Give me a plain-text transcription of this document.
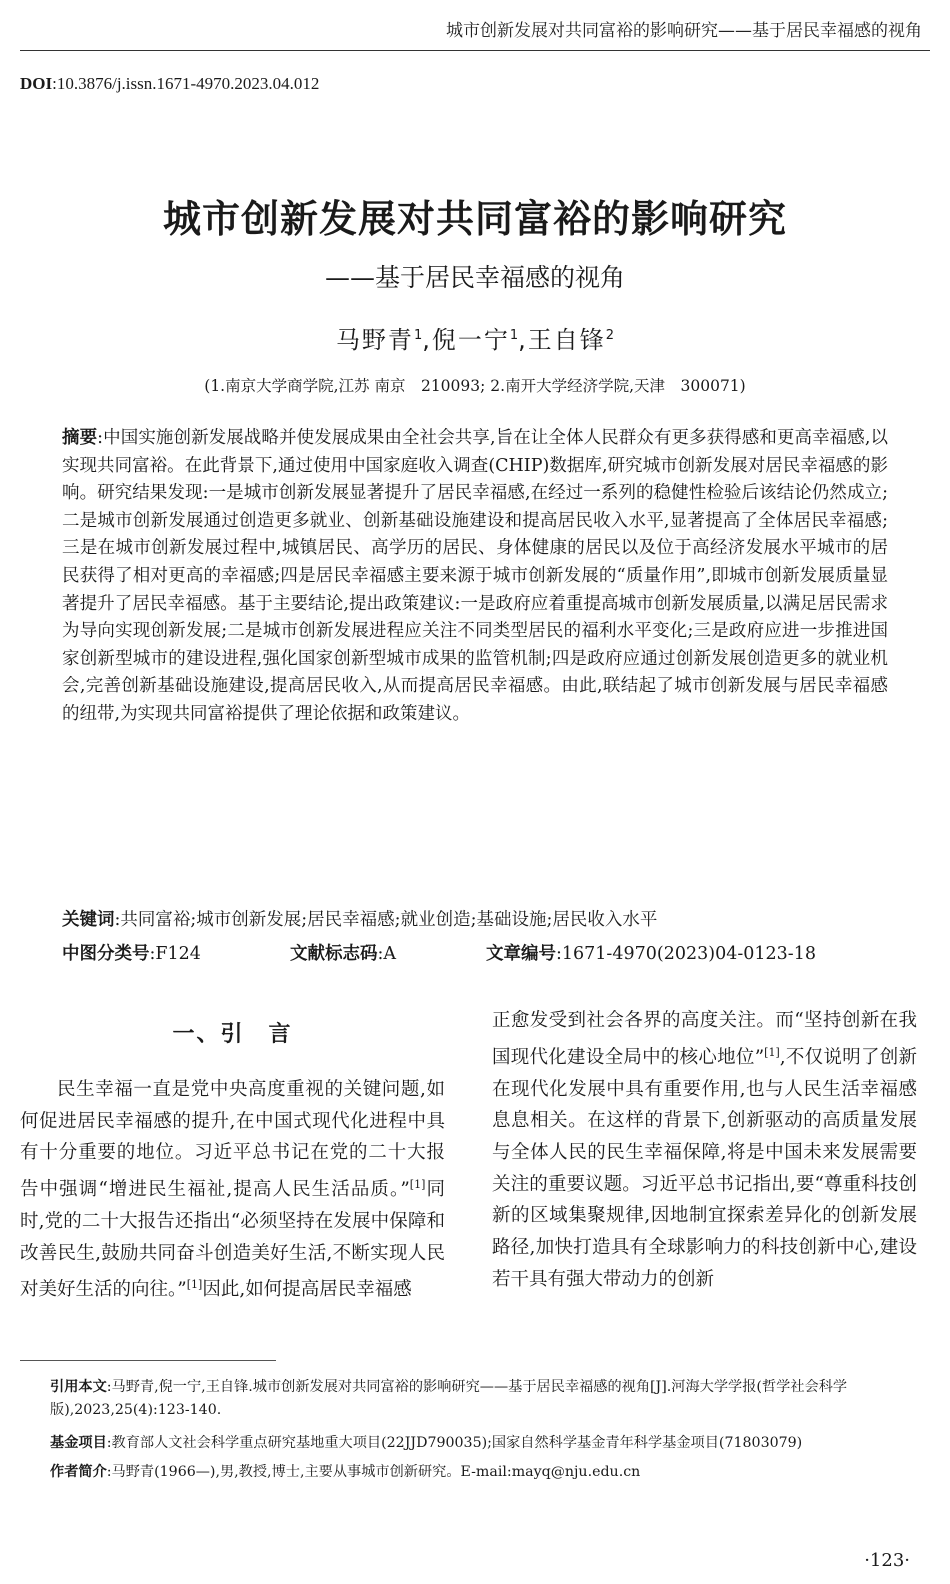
城市创新发展对共同富裕的影响研究——基于居民幸福感的视角
DOI:10.3876/j.issn.1671-4970.2023.04.012
城市创新发展对共同富裕的影响研究
——基于居民幸福感的视角
马野青$^1$,倪一宁$^1$,王自锋$^2$
(1.南京大学商学院,江苏 南京　210093; 2.南开大学经济学院,天津　300071)
摘要:中国实施创新发展战略并使发展成果由全社会共享,旨在让全体人民群众有更多获得感和更高幸福感,以实现共同富裕。在此背景下,通过使用中国家庭收入调查(CHIP)数据库,研究城市创新发展对居民幸福感的影响。研究结果发现:一是城市创新发展显著提升了居民幸福感,在经过一系列的稳健性检验后该结论仍然成立;二是城市创新发展通过创造更多就业、创新基础设施建设和提高居民收入水平,显著提高了全体居民幸福感;三是在城市创新发展过程中,城镇居民、高学历的居民、身体健康的居民以及位于高经济发展水平城市的居民获得了相对更高的幸福感;四是居民幸福感主要来源于城市创新发展的“质量作用”,即城市创新发展质量显著提升了居民幸福感。基于主要结论,提出政策建议:一是政府应着重提高城市创新发展质量,以满足居民需求为导向实现创新发展;二是城市创新发展进程应关注不同类型居民的福利水平变化;三是政府应进一步推进国家创新型城市的建设进程,强化国家创新型城市成果的监管机制;四是政府应通过创新发展创造更多的就业机会,完善创新基础设施建设,提高居民收入,从而提高居民幸福感。由此,联结起了城市创新发展与居民幸福感的纽带,为实现共同富裕提供了理论依据和政策建议。
关键词:共同富裕;城市创新发展;居民幸福感;就业创造;基础设施;居民收入水平
中图分类号:F124	文献标志码:A	文章编号:1671-4970(2023)04-0123-18
一、引　言

民生幸福一直是党中央高度重视的关键问题,如何促进居民幸福感的提升,在中国式现代化进程中具有十分重要的地位。习近平总书记在党的二十大报告中强调“增进民生福祉,提高人民生活品质。”[1]同时,党的二十大报告还指出“必须坚持在发展中保障和改善民生,鼓励共同奋斗创造美好生活,不断实现人民对美好生活的向往。”[1]因此,如何提高居民幸福感

正愈发受到社会各界的高度关注。而“坚持创新在我国现代化建设全局中的核心地位”[1],不仅说明了创新在现代化发展中具有重要作用,也与人民生活幸福感息息相关。在这样的背景下,创新驱动的高质量发展与全体人民的民生幸福保障,将是中国未来发展需要关注的重要议题。习近平总书记指出,要“尊重科技创新的区域集聚规律,因地制宜探索差异化的创新发展路径,加快打造具有全球影响力的科技创新中心,建设若干具有强大带动力的创新

引用本文:马野青,倪一宁,王自锋.城市创新发展对共同富裕的影响研究——基于居民幸福感的视角[J].河海大学学报(哲学社会科学版),2023,25(4):123-140.
基金项目:教育部人文社会科学重点研究基地重大项目(22JJD790035);国家自然科学基金青年科学基金项目(71803079)
作者简介:马野青(1966—),男,教授,博士,主要从事城市创新研究。E-mail:mayq@nju.edu.cn
·123·
